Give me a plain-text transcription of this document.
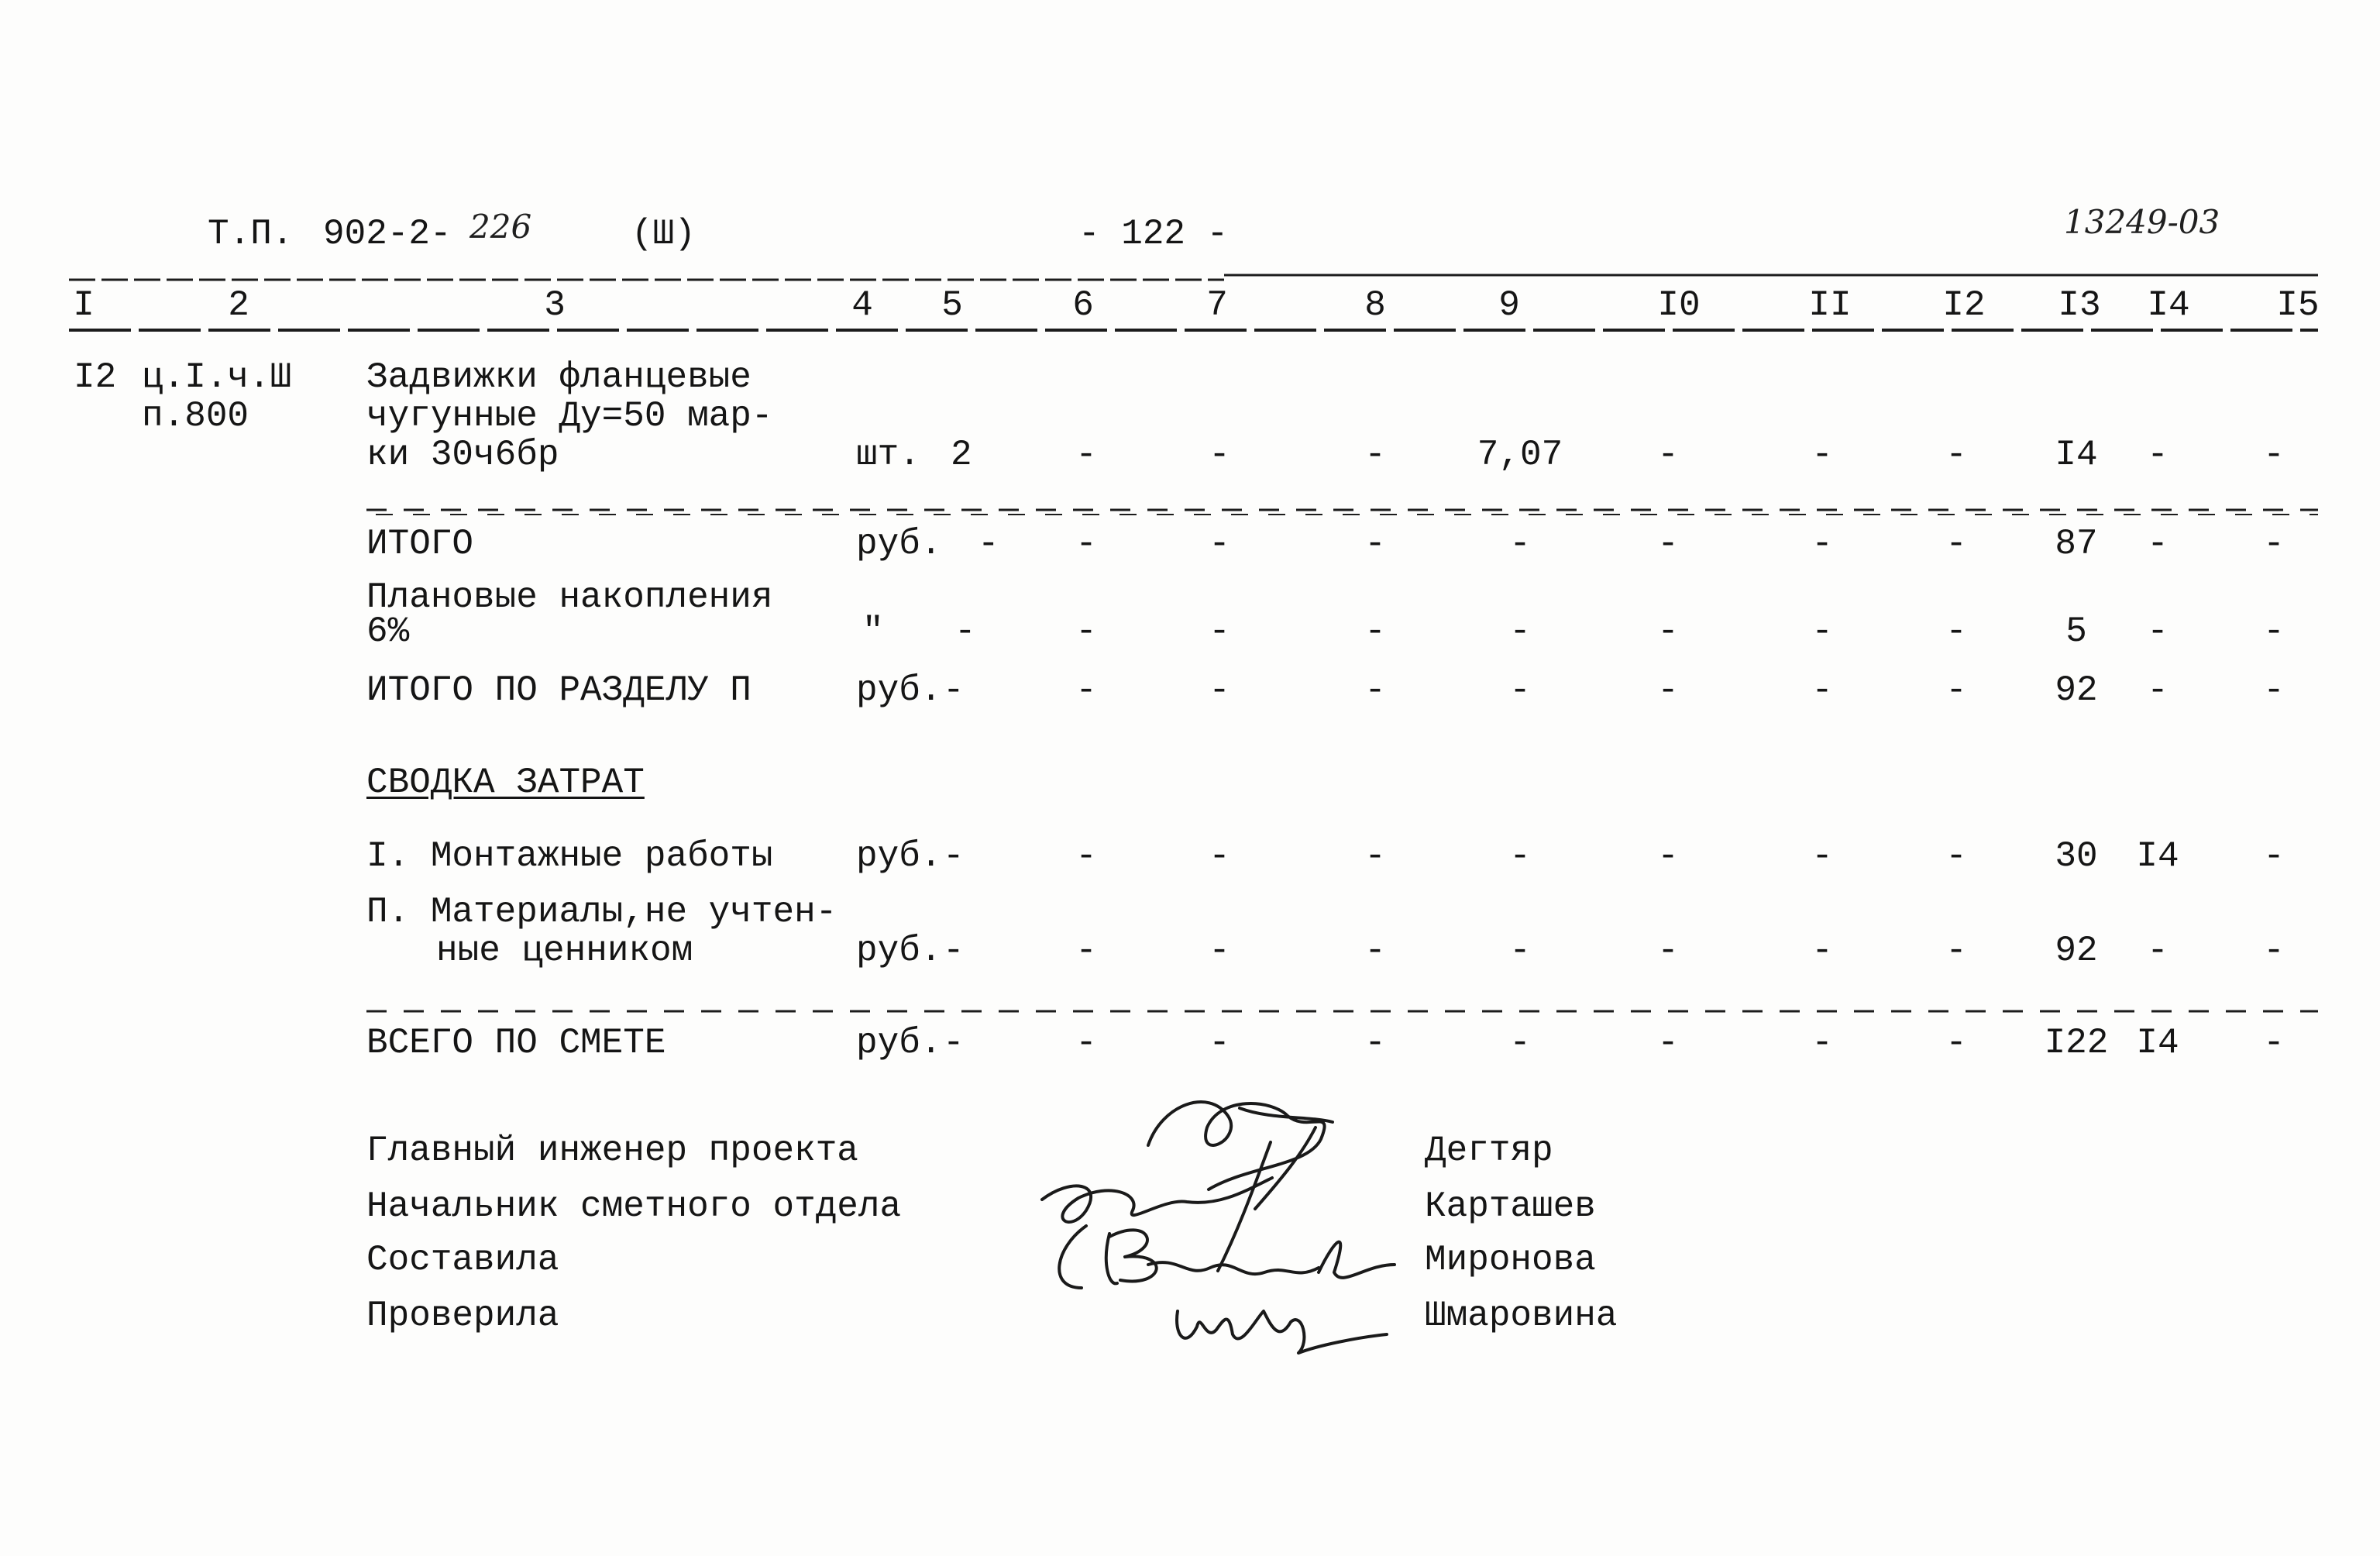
Т.П. 902-2- 226	(Ш)	- 122 -	13249-03
I	2	3	4	5	6	7	8	9	I0	II	I2	I3	I4	I5
I2 ц.I.ч.Ш
п.800
Задвижки фланцевые
чугунные Ду=50 мар-
ки 30ч6бр	шт. 2	-	-	-	7,07	-	-	-	I4	-	-
ИТОГО	руб. -	-	-	-	-	-	-	-	87	-	-
Плановые накопления
6%	" -	-	-	-	-	-	-	-	5	-	-
ИТОГО ПО РАЗДЕЛУ П	руб. -	-	-	-	-	-	-	-	92	-	-
СВОДКА ЗАТРАТ
I. Монтажные работы руб. -	-	-	-	-	-	-	-	30	I4	-
П. Материалы,не учтен-
ные ценником	руб. -	-	-	-	-	-	-	-	92	-	-
ВСЕГО ПО СМЕТЕ	руб. -	-	-	-	-	-	-	-	I22 I4	-
Главный инженер проекта	Дегтяр
Начальник сметного отдела	Карташев
Составила	Миронова
Проверила	Шмаровина
